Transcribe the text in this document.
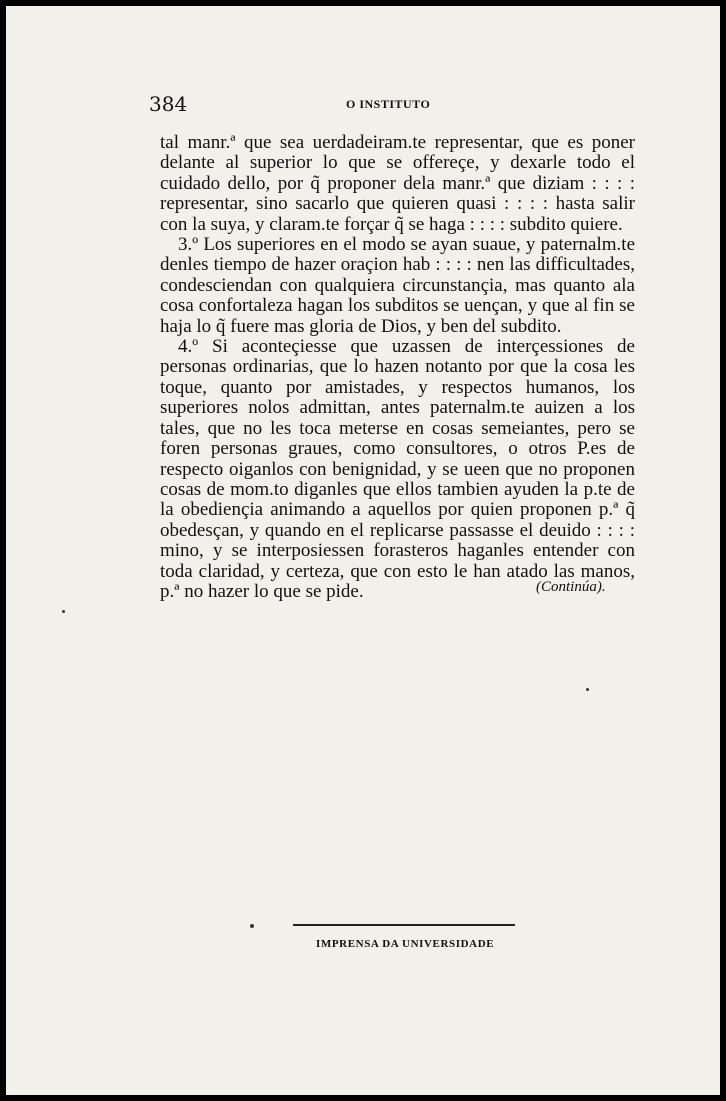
384	O INSTITUTO

tal manr.ª que sea uerdadeiram.te representar, que es poner delante al superior lo que se offereçe, y dexarle todo el cuidado dello, por q̃ proponer dela manr.ª que diziam : : : : representar, sino sacarlo que quieren quasi : : : : hasta salir con la suya, y claram.te forçar q̃ se haga : : : : subdito quiere.

3.º Los superiores en el modo se ayan suaue, y paternalm.te denles tiempo de hazer oraçion hab : : : : nen las difficultades, condesciendan con qualquiera circunstançia, mas quanto ala cosa confortaleza hagan los subditos se uençan, y que al fin se haja lo q̃ fuere mas gloria de Dios, y ben del subdito.

4.º Si aconteçiesse que uzassen de interçessiones de personas ordinarias, que lo hazen notanto por que la cosa les toque, quanto por amistades, y respectos humanos, los superiores nolos admittan, antes paternalm.te auizen a los tales, que no les toca meterse en cosas semeiantes, pero se foren personas graues, como consultores, o otros P.es de respecto oiganlos con benignidad, y se ueen que no proponen cosas de mom.to diganles que ellos tambien ayuden la p.te de la obediençia animando a aquellos por quien proponen p.ª q̃ obedesçan, y quando en el replicarse passasse el deuido : : : : mino, y se interposiessen forasteros haganles entender con toda claridad, y certeza, que con esto le han atado las manos, p.ª no hazer lo que se pide.	(Continúa).
IMPRENSA DA UNIVERSIDADE
